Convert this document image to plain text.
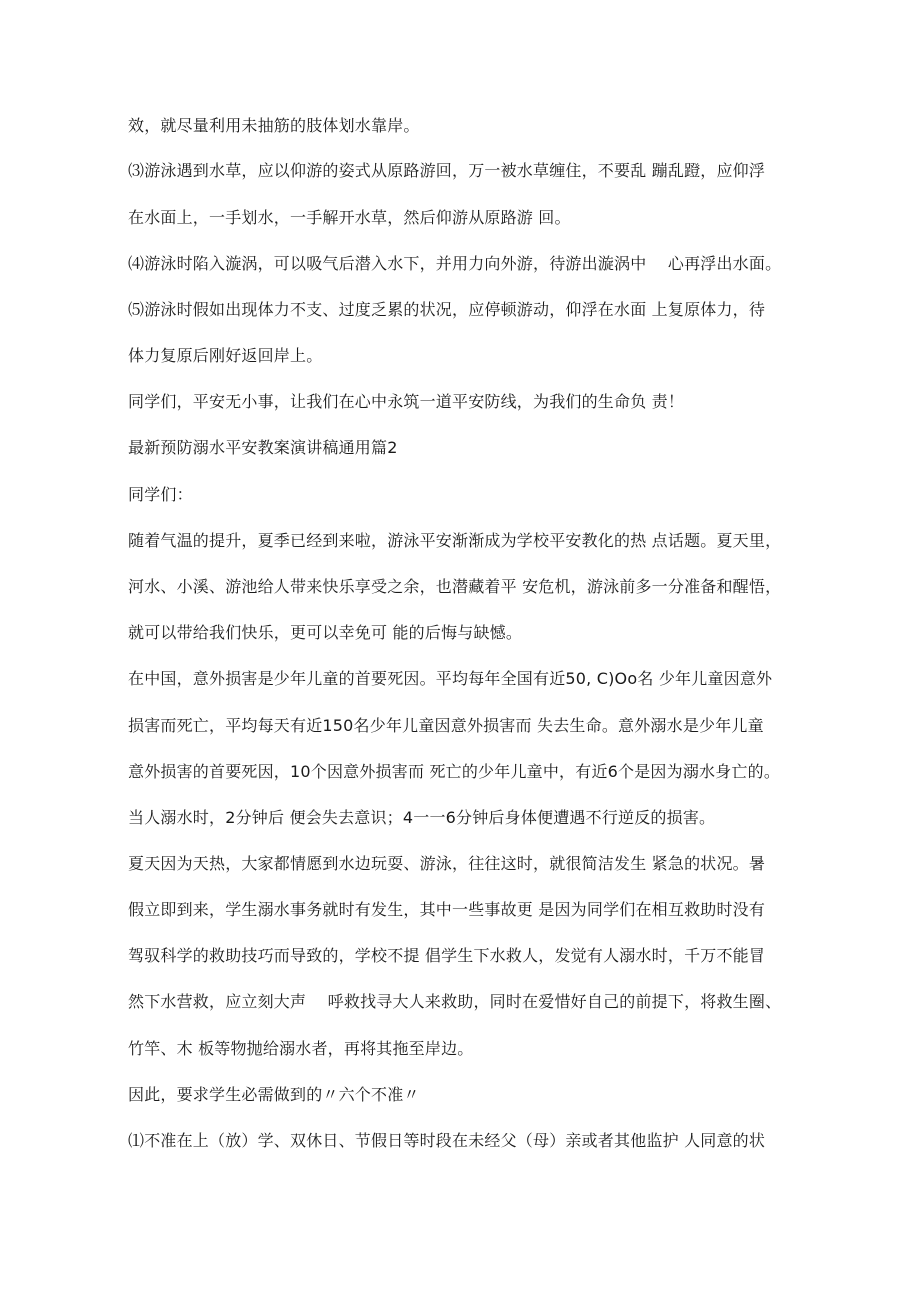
效，就尽量利用未抽筋的肢体划水靠岸。
⑶游泳遇到水草，应以仰游的姿式从原路游回，万一被水草缠住，不要乱 蹦乱蹬，应仰浮
在水面上，一手划水，一手解开水草，然后仰游从原路游 回。
⑷游泳时陷入漩涡，可以吸气后潜入水下，并用力向外游，待游出漩涡中 　心再浮出水面。
⑸游泳时假如出现体力不支、过度乏累的状况，应停顿游动，仰浮在水面 上复原体力，待
体力复原后刚好返回岸上。
同学们，平安无小事，让我们在心中永筑一道平安防线，为我们的生命负 责！
最新预防溺水平安教案演讲稿通用篇2
同学们：
随着气温的提升，夏季已经到来啦，游泳平安渐渐成为学校平安教化的热 点话题。夏天里，
河水、小溪、游池给人带来快乐享受之余，也潜藏着平 安危机，游泳前多一分准备和醒悟，
就可以带给我们快乐，更可以幸免可 能的后悔与缺憾。
在中国，意外损害是少年儿童的首要死因。平均每年全国有近50, C)Oo名 少年儿童因意外
损害而死亡，平均每天有近150名少年儿童因意外损害而 失去生命。意外溺水是少年儿童
意外损害的首要死因，10个因意外损害而 死亡的少年儿童中，有近6个是因为溺水身亡的。
当人溺水时，2分钟后 便会失去意识；4一一6分钟后身体便遭遇不行逆反的损害。
夏天因为天热，大家都情愿到水边玩耍、游泳，往往这时，就很简洁发生 紧急的状况。暑
假立即到来，学生溺水事务就时有发生，其中一些事故更 是因为同学们在相互救助时没有
驾驭科学的救助技巧而导致的，学校不提 倡学生下水救人，发觉有人溺水时，千万不能冒
然下水营救，应立刻大声 　呼救找寻大人来救助，同时在爱惜好自己的前提下，将救生圈、
竹竿、木 板等物抛给溺水者，再将其拖至岸边。
因此，要求学生必需做到的〃六个不准〃
⑴不准在上（放）学、双休日、节假日等时段在未经父（母）亲或者其他监护 人同意的状
